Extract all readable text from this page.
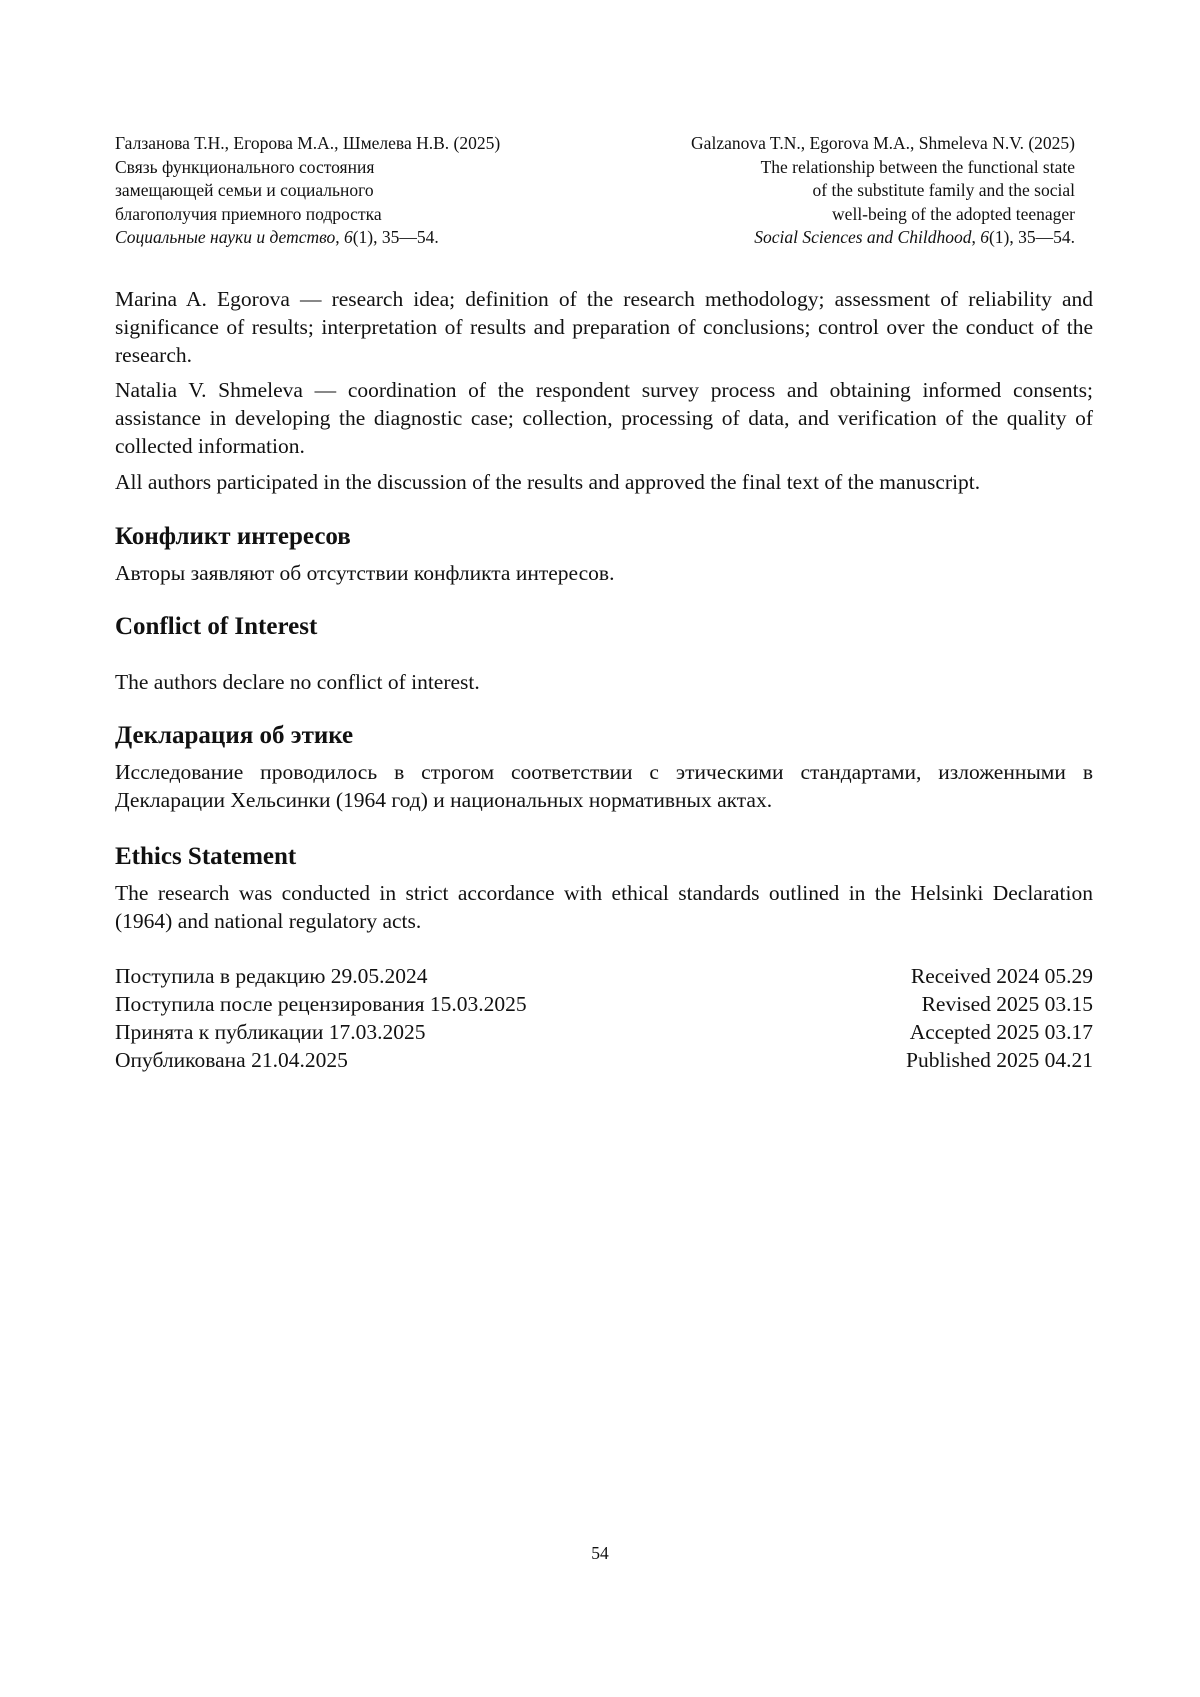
Галзанова Т.Н., Егорова М.А., Шмелева Н.В. (2025)
Связь функционального состояния
замещающей семьи и социального
благополучия приемного подростка
Социальные науки и детство, 6(1), 35—54.
Galzanova T.N., Egorova M.A., Shmeleva N.V. (2025)
The relationship between the functional state
of the substitute family and the social
well-being of the adopted teenager
Social Sciences and Childhood, 6(1), 35—54.

Marina A. Egorova — research idea; definition of the research methodology; assessment of reliability and significance of results; interpretation of results and preparation of conclusions; control over the conduct of the research.

Natalia V. Shmeleva — coordination of the respondent survey process and obtaining informed consents; assistance in developing the diagnostic case; collection, processing of data, and verification of the quality of collected information.

All authors participated in the discussion of the results and approved the final text of the manuscript.

Конфликт интересов
Авторы заявляют об отсутствии конфликта интересов.
Conflict of Interest
The authors declare no conflict of interest.
Декларация об этике
Исследование проводилось в строгом соответствии с этическими стандартами, изложенными в Декларации Хельсинки (1964 год) и национальных нормативных актах.
Ethics Statement
The research was conducted in strict accordance with ethical standards outlined in the Helsinki Declaration (1964) and national regulatory acts.
Поступила в редакцию 29.05.2024	Received 2024 05.29
Поступила после рецензирования 15.03.2025	Revised 2025 03.15
Принята к публикации 17.03.2025	Accepted 2025 03.17
Опубликована 21.04.2025	Published 2025 04.21
54
